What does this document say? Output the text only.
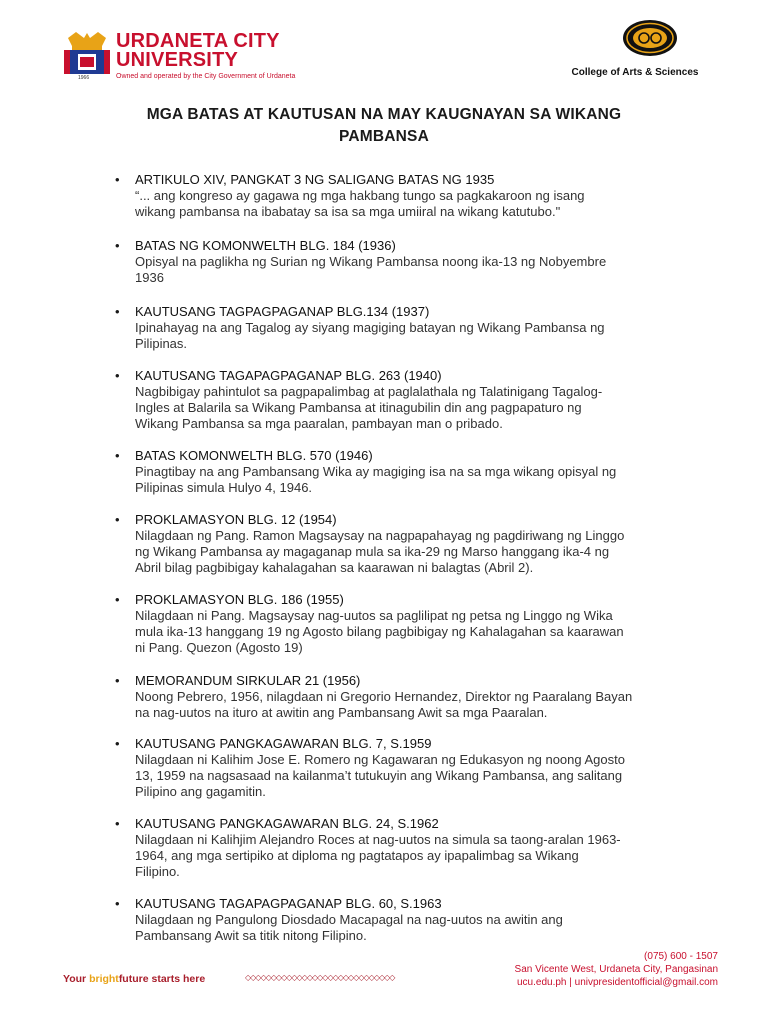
1966
URDANETA CITY
UNIVERSITY
Owned and operated by the City Government of Urdaneta	College of Arts & Sciences
MGA BATAS AT KAUTUSAN NA MAY KAUGNAYAN SA WIKANG
PAMBANSA
• ARTIKULO XIV, PANGKAT 3 NG SALIGANG BATAS NG 1935
“... ang kongreso ay gagawa ng mga hakbang tungo sa pagkakaroon ng isang
wikang pambansa na ibabatay sa isa sa mga umiiral na wikang katutubo."
• BATAS NG KOMONWELTH BLG. 184 (1936)
Opisyal na paglikha ng Surian ng Wikang Pambansa noong ika-13 ng Nobyembre
1936
• KAUTUSANG TAGPAGPAGANAP BLG.134 (1937)
Ipinahayag na ang Tagalog ay siyang magiging batayan ng Wikang Pambansa ng
Pilipinas.
• KAUTUSANG TAGAPAGPAGANAP BLG. 263 (1940)
Nagbibigay pahintulot sa pagpapalimbag at paglalathala ng Talatinigang Tagalog-
Ingles at Balarila sa Wikang Pambansa at itinagubilin din ang pagpapaturo ng
Wikang Pambansa sa mga paaralan, pambayan man o pribado.
• BATAS KOMONWELTH BLG. 570 (1946)
Pinagtibay na ang Pambansang Wika ay magiging isa na sa mga wikang opisyal ng
Pilipinas simula Hulyo 4, 1946.
• PROKLAMASYON BLG. 12 (1954)
Nilagdaan ng Pang. Ramon Magsaysay na nagpapahayag ng pagdiriwang ng Linggo
ng Wikang Pambansa ay magaganap mula sa ika-29 ng Marso hanggang ika-4 ng
Abril bilag pagbibigay kahalagahan sa kaarawan ni balagtas (Abril 2).
• PROKLAMASYON BLG. 186 (1955)
Nilagdaan ni Pang. Magsaysay nag-uutos sa paglilipat ng petsa ng Linggo ng Wika
mula ika-13 hanggang 19 ng Agosto bilang pagbibigay ng Kahalagahan sa kaarawan
ni Pang. Quezon (Agosto 19)
• MEMORANDUM SIRKULAR 21 (1956)
Noong Pebrero, 1956, nilagdaan ni Gregorio Hernandez, Direktor ng Paaralang Bayan
na nag-uutos na ituro at awitin ang Pambansang Awit sa mga Paaralan.
• KAUTUSANG PANGKAGAWARAN BLG. 7, S.1959
Nilagdaan ni Kalihim Jose E. Romero ng Kagawaran ng Edukasyon ng noong Agosto
13, 1959 na nagsasaad na kailanma’t tutukuyin ang Wikang Pambansa, ang salitang
Pilipino ang gagamitin.
• KAUTUSANG PANGKAGAWARAN BLG. 24, S.1962
Nilagdaan ni Kalihjim Alejandro Roces at nag-uutos na simula sa taong-aralan 1963-
1964, ang mga sertipiko at diploma ng pagtatapos ay ipapalimbag sa Wikang
Filipino.
• KAUTUSANG TAGAPAGPAGANAP BLG. 60, S.1963
Nilagdaan ng Pangulong Diosdado Macapagal na nag-uutos na awitin ang
Pambansang Awit sa titik nitong Filipino.
Your brightfuture starts here	◇◇◇◇◇◇◇◇◇◇◇◇◇◇◇◇◇◇◇◇◇◇◇◇◇◇◇◇◇
(075) 600 - 1507
San Vicente West, Urdaneta City, Pangasinan
ucu.edu.ph | univpresidentofficial@gmail.com
